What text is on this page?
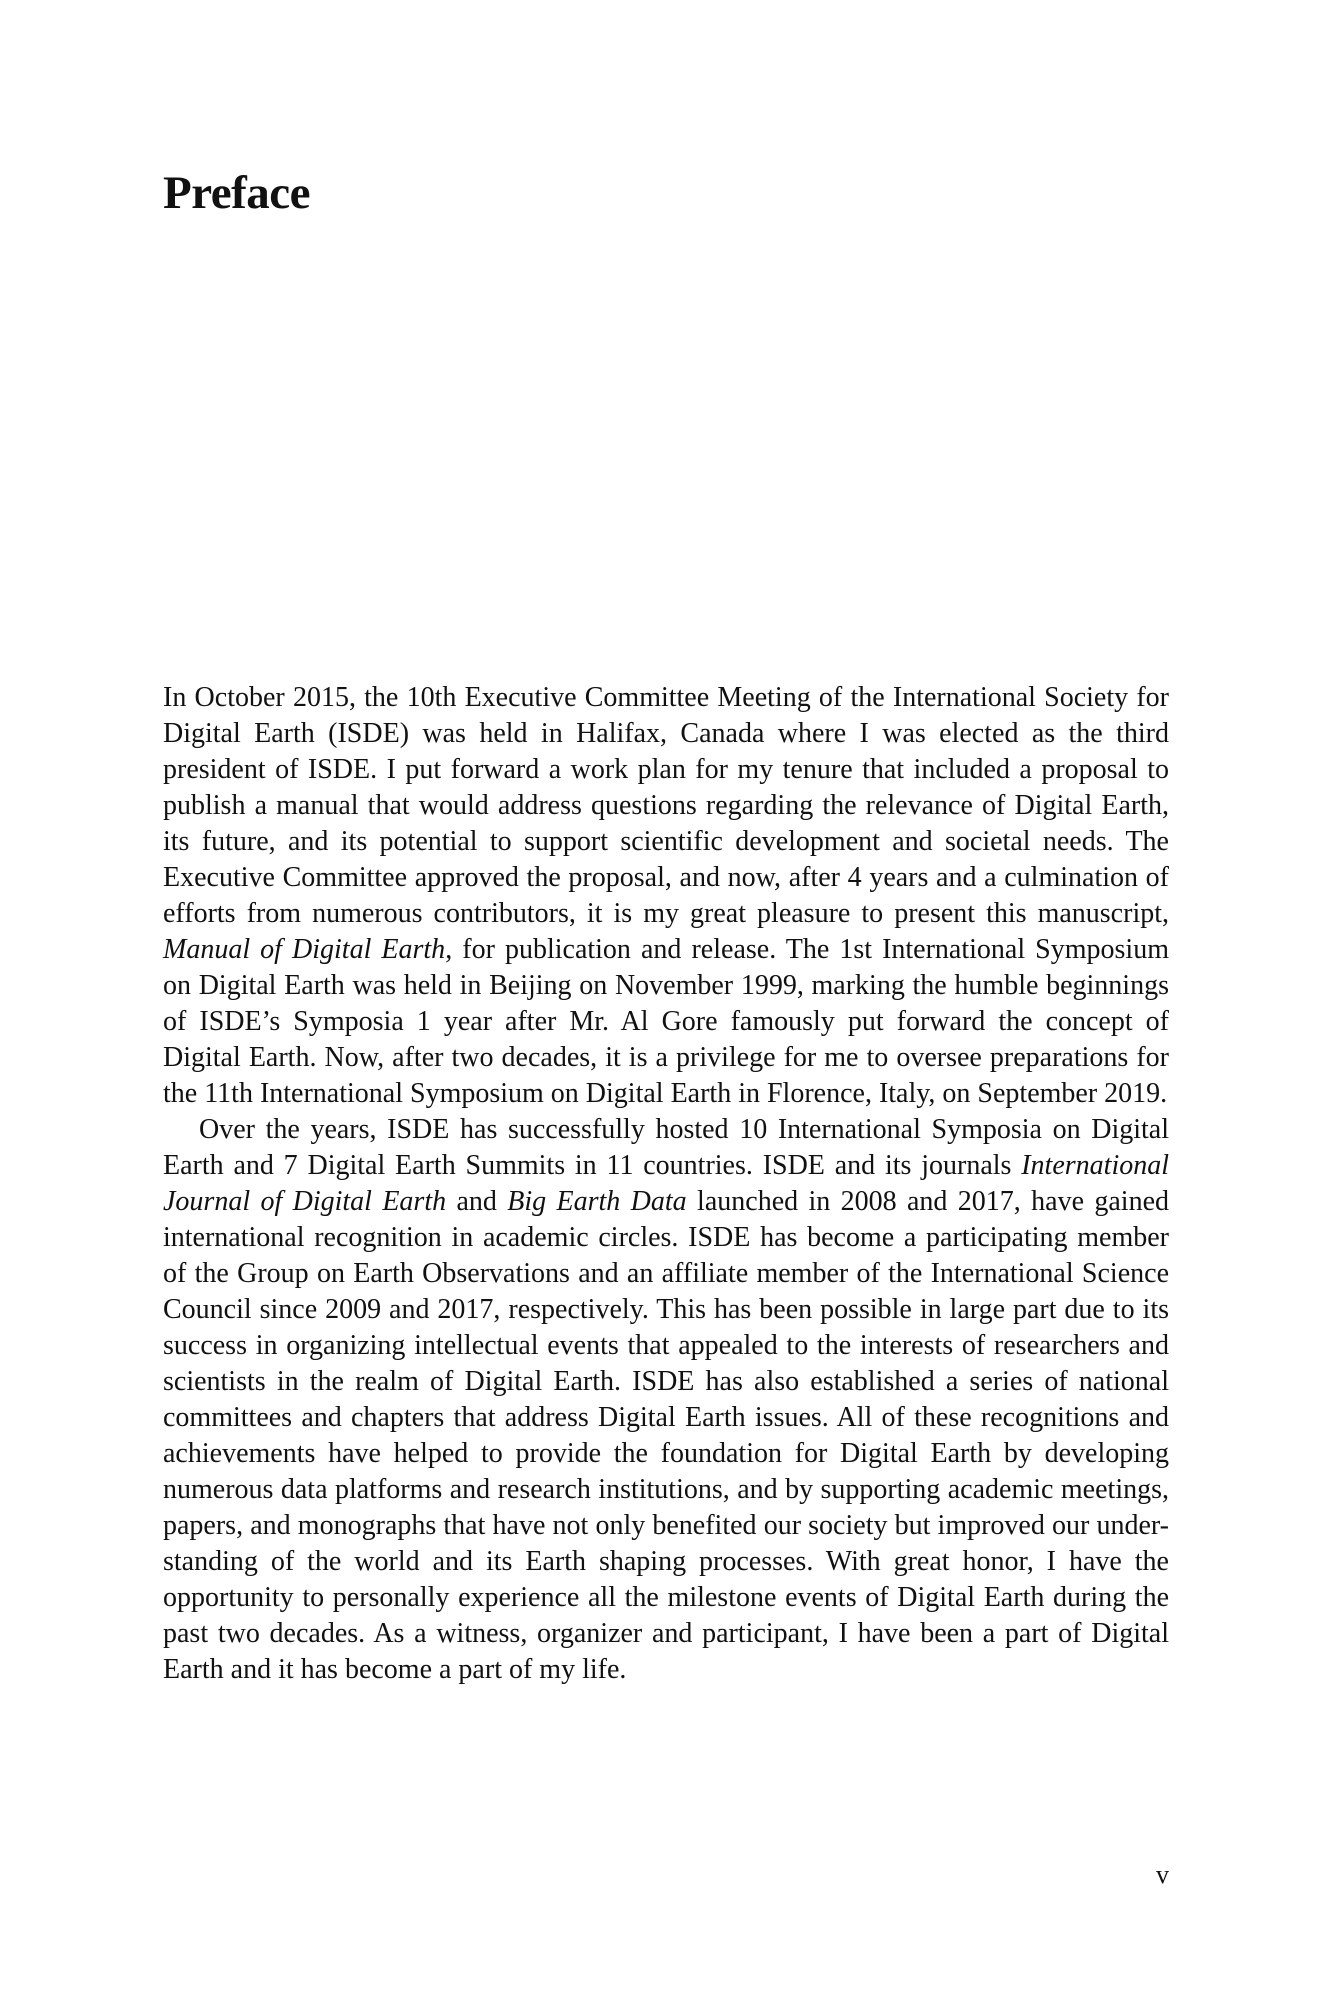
Preface

In October 2015, the 10th Executive Committee Meeting of the International Society for Digital Earth (ISDE) was held in Halifax, Canada where I was elected as the third president of ISDE. I put forward a work plan for my tenure that included a proposal to publish a manual that would address questions regarding the relevance of Digital Earth, its future, and its potential to support scientific development and societal needs. The Executive Committee approved the proposal, and now, after 4 years and a culmination of efforts from numerous contributors, it is my great pleasure to present this manuscript, Manual of Digital Earth, for publication and release. The 1st International Symposium on Digital Earth was held in Beijing on November 1999, marking the humble beginnings of ISDE’s Symposia 1 year after Mr. Al Gore famously put forward the concept of Digital Earth. Now, after two decades, it is a privilege for me to oversee preparations for the 11th International Symposium on Digital Earth in Florence, Italy, on September 2019.

Over the years, ISDE has successfully hosted 10 International Symposia on Digital Earth and 7 Digital Earth Summits in 11 countries. ISDE and its journals International Journal of Digital Earth and Big Earth Data launched in 2008 and 2017, have gained international recognition in academic circles. ISDE has become a participating member of the Group on Earth Observations and an affiliate member of the International Science Council since 2009 and 2017, respectively. This has been possible in large part due to its success in organizing intellectual events that appealed to the interests of researchers and scientists in the realm of Digital Earth. ISDE has also established a series of national committees and chapters that address Digital Earth issues. All of these recognitions and achievements have helped to provide the foundation for Digital Earth by developing numerous data platforms and research institutions, and by supporting academic meetings, papers, and monographs that have not only benefited our society but improved our under-standing of the world and its Earth shaping processes. With great honor, I have the opportunity to personally experience all the milestone events of Digital Earth during the past two decades. As a witness, organizer and participant, I have been a part of Digital Earth and it has become a part of my life.

v
